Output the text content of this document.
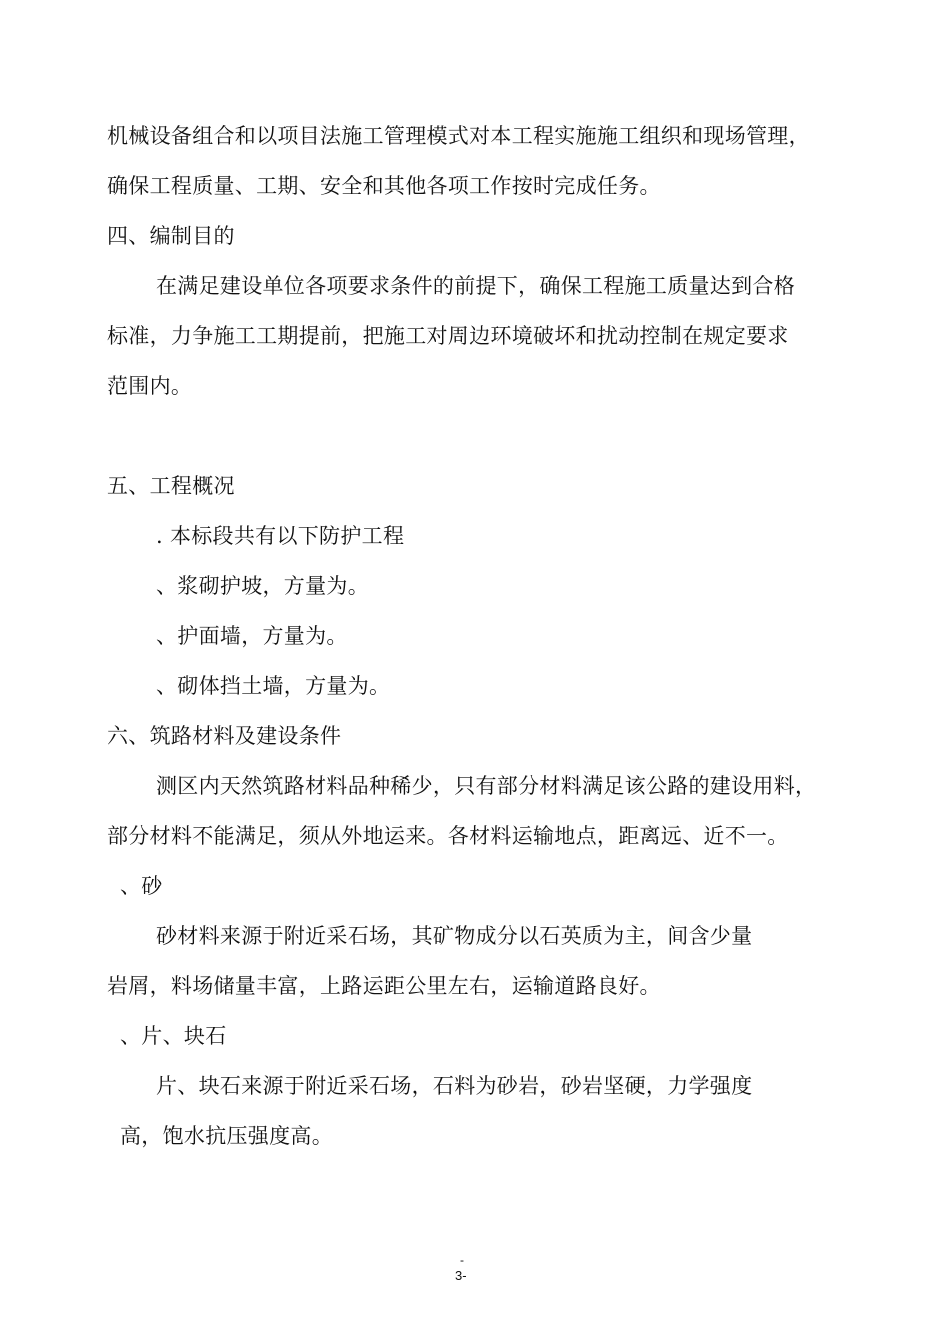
机械设备组合和以项目法施工管理模式对本工程实施施工组织和现场管理，
确保工程质量、工期、安全和其他各项工作按时完成任务。
四、编制目的
在满足建设单位各项要求条件的前提下，确保工程施工质量达到合格
标准，力争施工工期提前，把施工对周边环境破坏和扰动控制在规定要求
范围内。
五、工程概况
. 本标段共有以下防护工程
、浆砌护坡，方量为。
、护面墙，方量为。
、砌体挡土墙，方量为。
六、筑路材料及建设条件
测区内天然筑路材料品种稀少，只有部分材料满足该公路的建设用料，
部分材料不能满足，须从外地运来。各材料运输地点，距离远、近不一。
、砂
砂材料来源于附近采石场，其矿物成分以石英质为主，间含少量
岩屑，料场储量丰富，上路运距公里左右，运输道路良好。
、片、块石
片、块石来源于附近采石场，石料为砂岩，砂岩坚硬，力学强度
高，饱水抗压强度高。
-
3-
